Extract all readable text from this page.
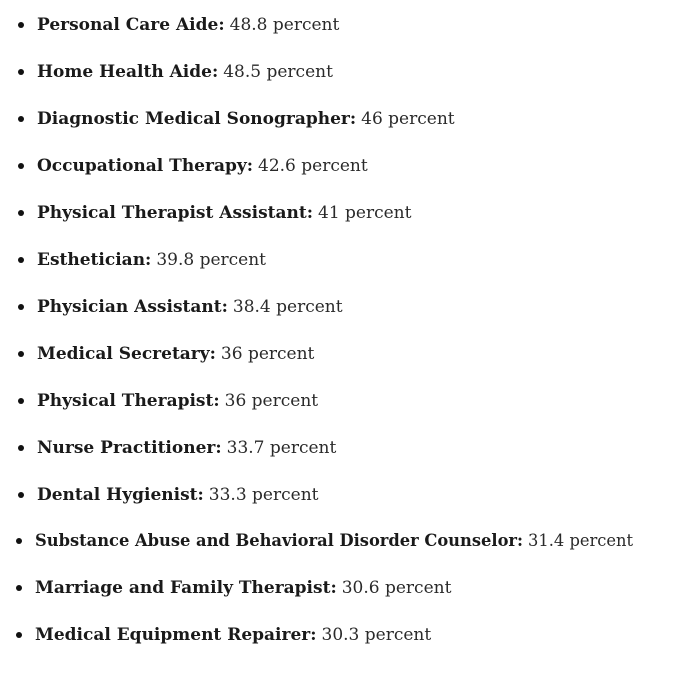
Personal Care Aide: 48.8 percent
Home Health Aide: 48.5 percent
Diagnostic Medical Sonographer: 46 percent
Occupational Therapy: 42.6 percent
Physical Therapist Assistant: 41 percent
Esthetician: 39.8 percent
Physician Assistant: 38.4 percent
Medical Secretary: 36 percent
Physical Therapist: 36 percent
Nurse Practitioner: 33.7 percent
Dental Hygienist: 33.3 percent
Substance Abuse and Behavioral Disorder Counselor: 31.4 percent
Marriage and Family Therapist: 30.6 percent
Medical Equipment Repairer: 30.3 percent
